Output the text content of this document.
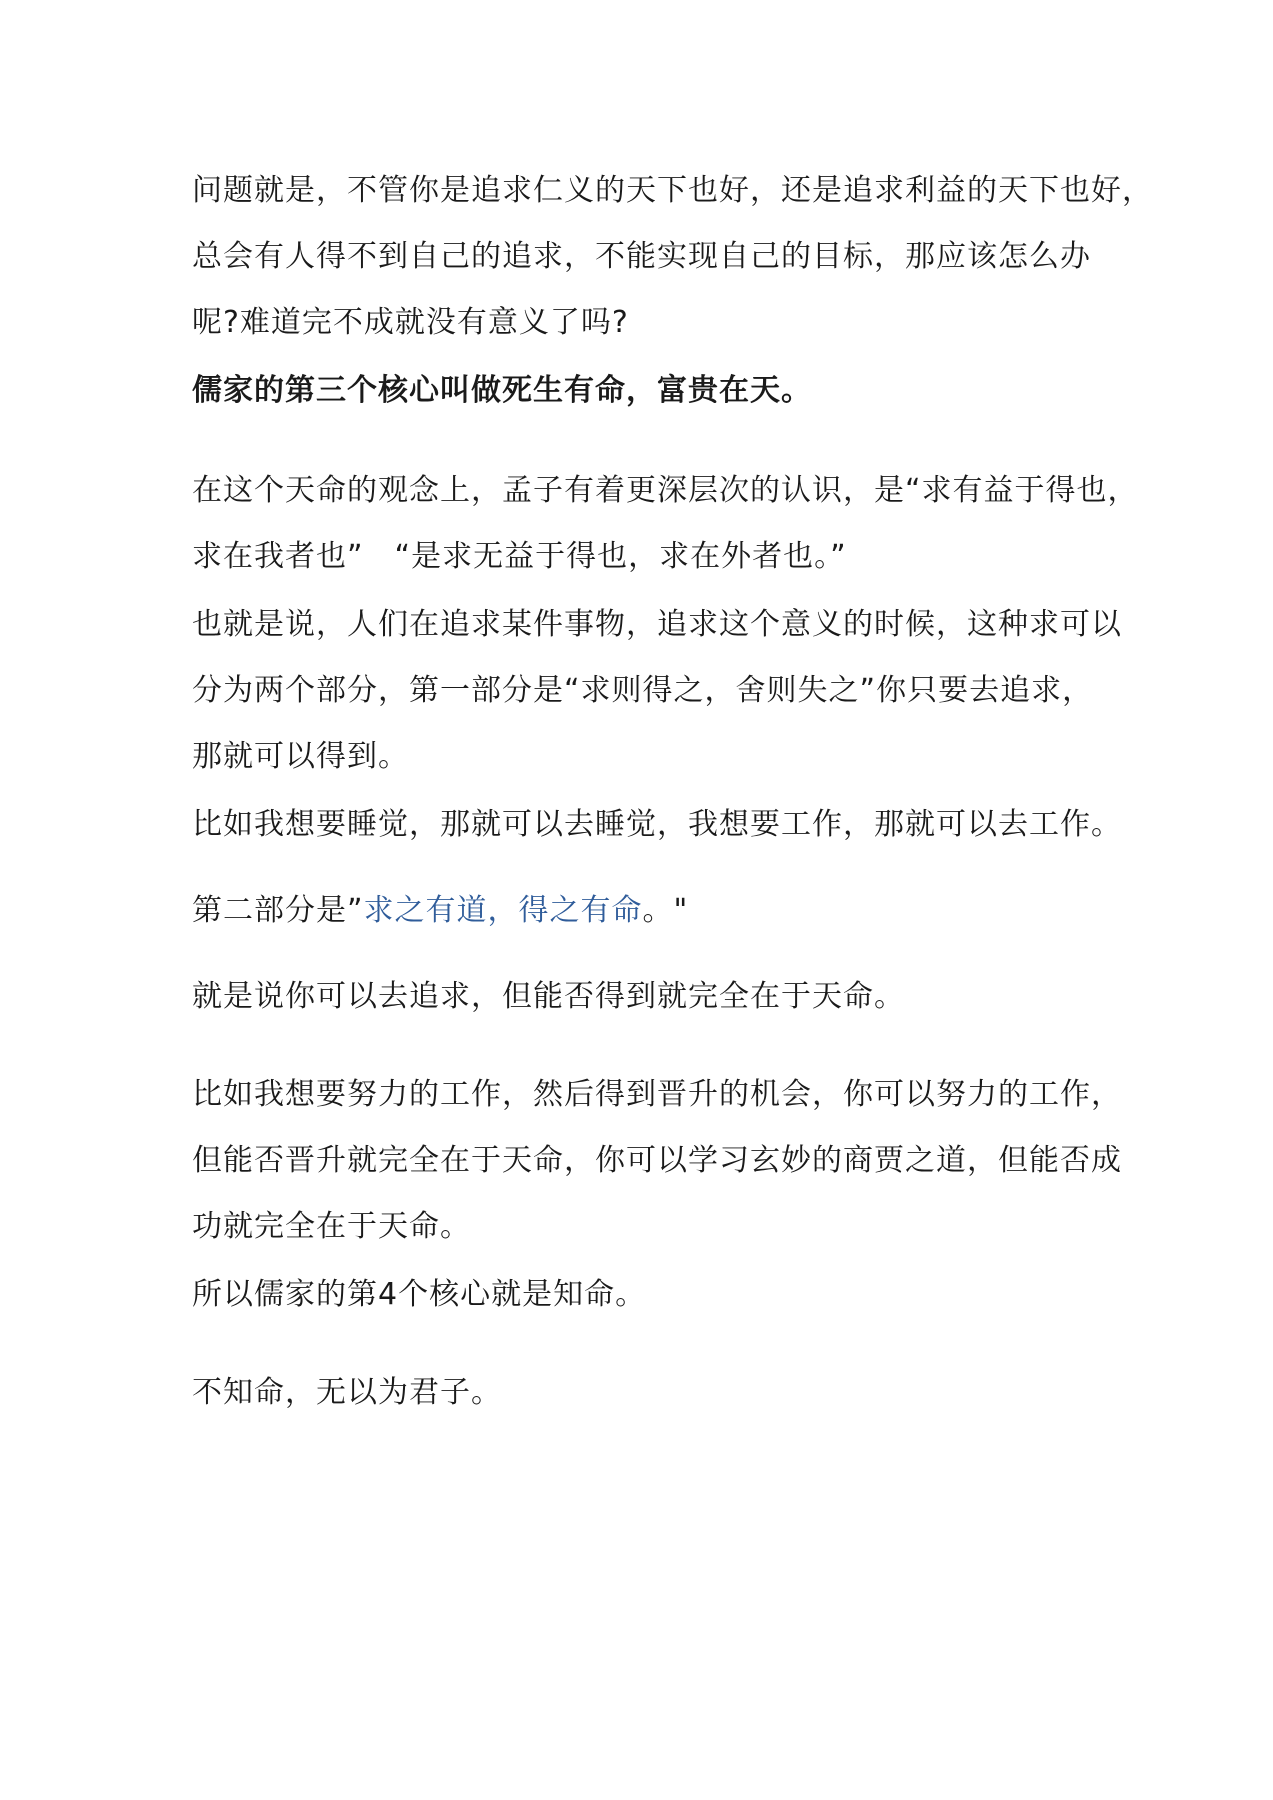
问题就是，不管你是追求仁义的天下也好，还是追求利益的天下也好，
总会有人得不到自己的追求，不能实现自己的目标，那应该怎么办
呢?难道完不成就没有意义了吗?

儒家的第三个核心叫做死生有命，富贵在天。

在这个天命的观念上，孟子有着更深层次的认识，是“求有益于得也，
求在我者也”　“是求无益于得也，求在外者也。”

也就是说，人们在追求某件事物，追求这个意义的时候，这种求可以
分为两个部分，第一部分是“求则得之，舍则失之”你只要去追求，
那就可以得到。

比如我想要睡觉，那就可以去睡觉，我想要工作，那就可以去工作。

第二部分是”求之有道，得之有命。"

就是说你可以去追求，但能否得到就完全在于天命。

比如我想要努力的工作，然后得到晋升的机会，你可以努力的工作，
但能否晋升就完全在于天命，你可以学习玄妙的商贾之道，但能否成
功就完全在于天命。

所以儒家的第4个核心就是知命。

不知命，无以为君子。
